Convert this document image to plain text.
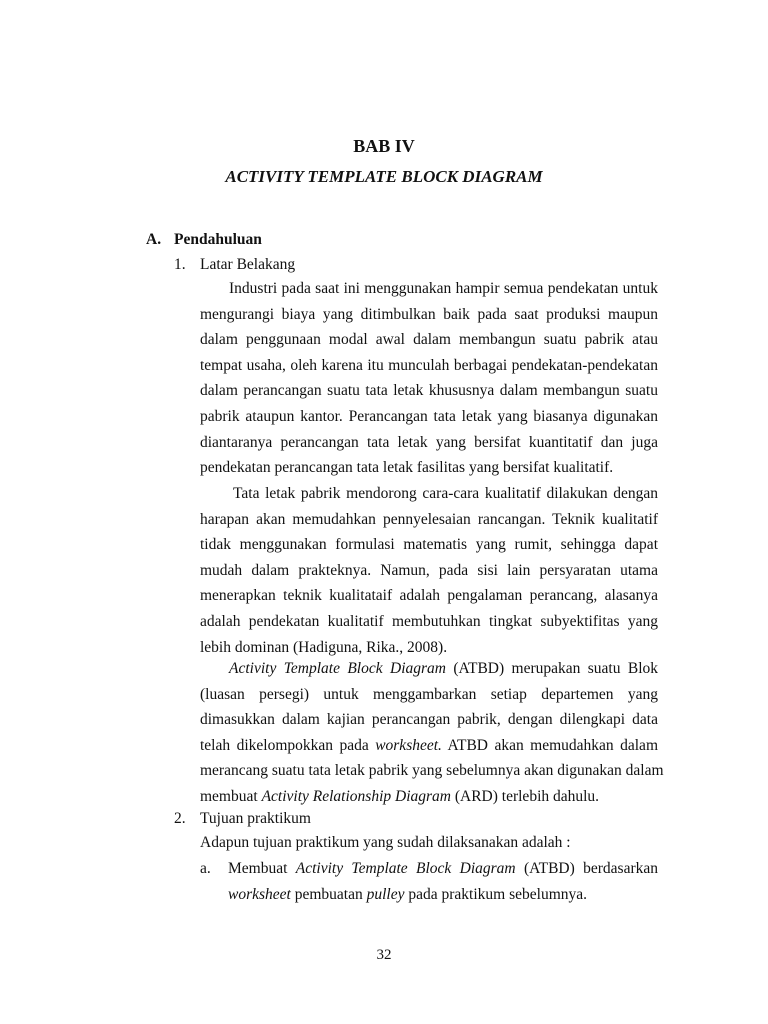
BAB IV
ACTIVITY TEMPLATE BLOCK DIAGRAM
A. Pendahuluan
1. Latar Belakang
Industri pada saat ini menggunakan hampir semua pendekatan untuk
mengurangi biaya yang ditimbulkan baik pada saat produksi maupun
dalam penggunaan modal awal dalam membangun suatu pabrik atau
tempat usaha, oleh karena itu munculah berbagai pendekatan-pendekatan
dalam perancangan suatu tata letak khususnya dalam membangun suatu
pabrik ataupun kantor. Perancangan tata letak yang biasanya digunakan
diantaranya perancangan tata letak yang bersifat kuantitatif dan juga
pendekatan perancangan tata letak fasilitas yang bersifat kualitatif.
Tata letak pabrik mendorong cara-cara kualitatif dilakukan dengan
harapan akan memudahkan pennyelesaian rancangan. Teknik kualitatif
tidak menggunakan formulasi matematis yang rumit, sehingga dapat
mudah dalam prakteknya. Namun, pada sisi lain persyaratan utama
menerapkan teknik kualitataif adalah pengalaman perancang, alasanya
adalah pendekatan kualitatif membutuhkan tingkat subyektifitas yang
lebih dominan (Hadiguna, Rika., 2008).
Activity Template Block Diagram (ATBD) merupakan suatu Blok
(luasan persegi) untuk menggambarkan setiap departemen yang
dimasukkan dalam kajian perancangan pabrik, dengan dilengkapi data
telah dikelompokkan pada worksheet. ATBD akan memudahkan dalam
merancang suatu tata letak pabrik yang sebelumnya akan digunakan dalam
membuat Activity Relationship Diagram (ARD) terlebih dahulu.
2. Tujuan praktikum
Adapun tujuan praktikum yang sudah dilaksanakan adalah :
a. Membuat Activity Template Block Diagram (ATBD) berdasarkan
worksheet pembuatan pulley pada praktikum sebelumnya.
32
